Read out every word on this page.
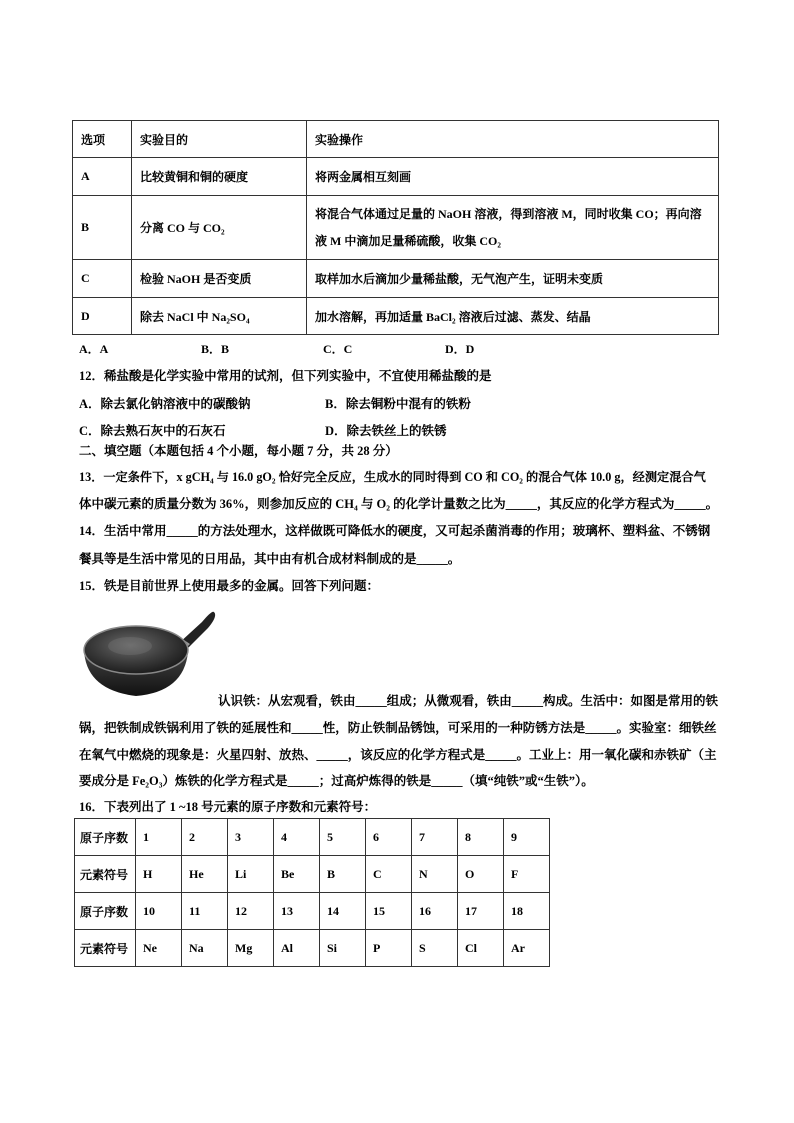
选项	实验目的	实验操作
A	比较黄铜和铜的硬度	将两金属相互刻画
B	分离 CO 与 CO₂	将混合气体通过足量的 NaOH 溶液，得到溶液 M，同时收集 CO；再向溶
液 M 中滴加足量稀硫酸，收集 CO₂

C	检验 NaOH 是否变质	取样加水后滴加少量稀盐酸，无气泡产生，证明未变质
D	除去 NaCl 中 Na₂SO₄	加水溶解，再加适量 BaCl₂ 溶液后过滤、蒸发、结晶
A．A	B．B	C．C	D．D
12．稀盐酸是化学实验中常用的试剂，但下列实验中，不宜使用稀盐酸的是
A．除去氯化钠溶液中的碳酸钠	B．除去铜粉中混有的铁粉
C．除去熟石灰中的石灰石	D．除去铁丝上的铁锈
二、填空题（本题包括 4 个小题，每小题 7 分，共 28 分）
13．一定条件下，x gCH₄ 与 16.0 gO₂ 恰好完全反应，生成水的同时得到 CO 和 CO₂ 的混合气体 10.0 g，经测定混合气
体中碳元素的质量分数为 36%，则参加反应的 CH₄ 与 O₂ 的化学计量数之比为_____，其反应的化学方程式为_____。
14．生活中常用_____的方法处理水，这样做既可降低水的硬度，又可起杀菌消毒的作用；玻璃杯、塑料盆、不锈钢
餐具等是生活中常见的日用品，其中由有机合成材料制成的是_____。
15．铁是目前世界上使用最多的金属。回答下列问题：
认识铁：从宏观看，铁由_____组成；从微观看，铁由_____构成。生活中：如图是常用的铁
锅，把铁制成铁锅利用了铁的延展性和_____性，防止铁制品锈蚀，可采用的一种防锈方法是_____。实验室：细铁丝
在氧气中燃烧的现象是：火星四射、放热、_____，该反应的化学方程式是_____。工业上：用一氧化碳和赤铁矿（主
要成分是 Fe₂O₃）炼铁的化学方程式是_____；过高炉炼得的铁是_____（填“纯铁”或“生铁”）。
16．下表列出了 1 ~18 号元素的原子序数和元素符号：
原子序数	1	2	3	4	5	6	7	8	9
元素符号	H	He	Li	Be	B	C	N	O	F
原子序数	10	11	12	13	14	15	16	17	18
元素符号	Ne	Na	Mg	Al	Si	P	S	Cl	Ar
